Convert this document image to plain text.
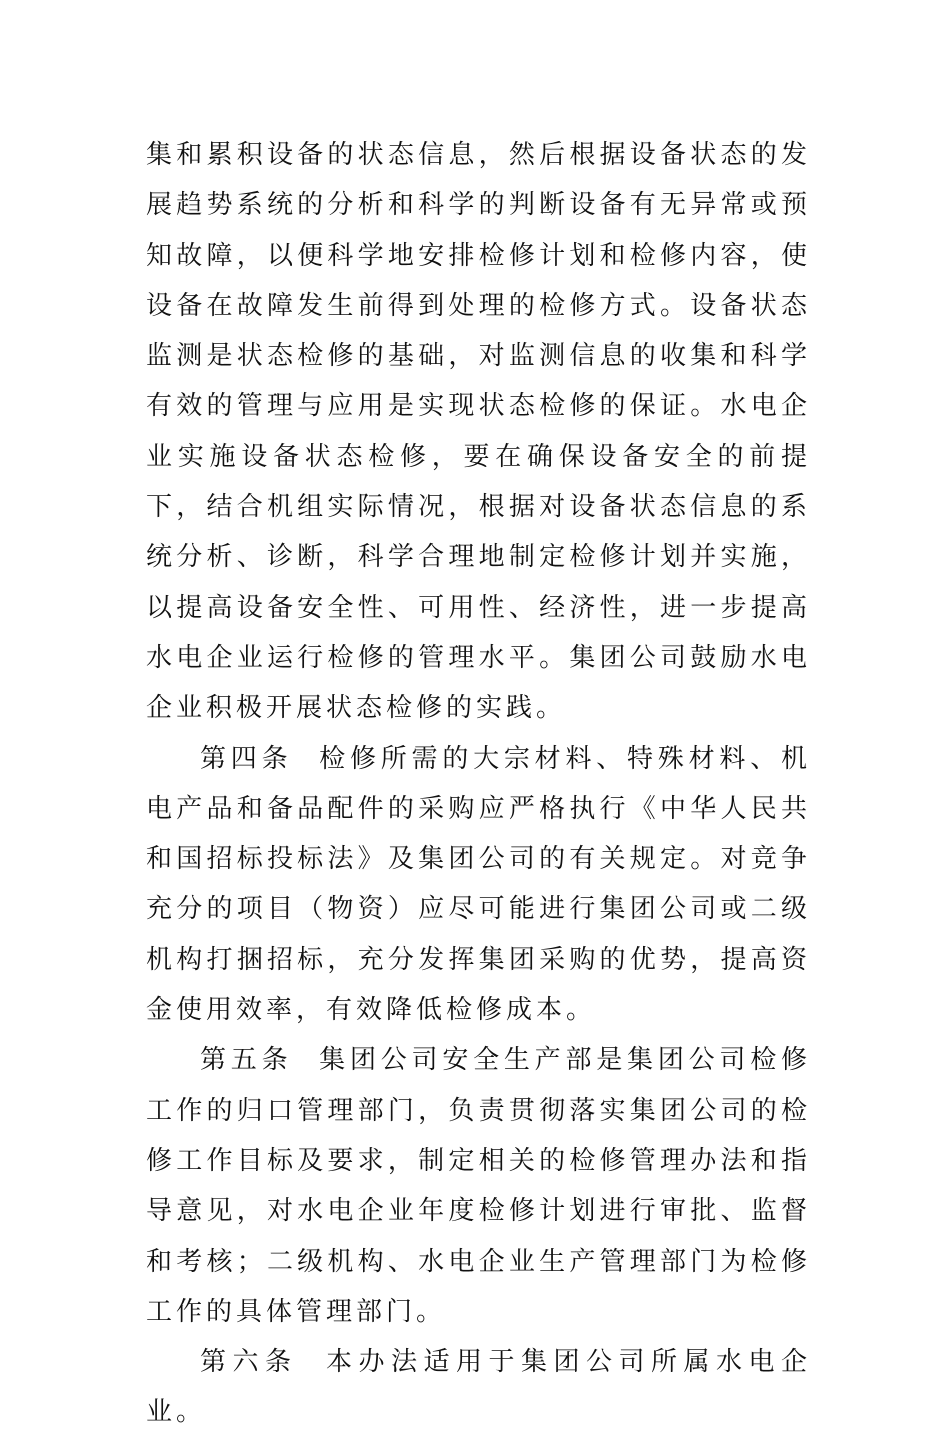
集和累积设备的状态信息，然后根据设备状态的发展趋势系统的分析和科学的判断设备有无异常或预知故障，以便科学地安排检修计划和检修内容，使设备在故障发生前得到处理的检修方式。设备状态监测是状态检修的基础，对监测信息的收集和科学有效的管理与应用是实现状态检修的保证。水电企业实施设备状态检修，要在确保设备安全的前提下，结合机组实际情况，根据对设备状态信息的系统分析、诊断，科学合理地制定检修计划并实施，以提高设备安全性、可用性、经济性，进一步提高水电企业运行检修的管理水平。集团公司鼓励水电企业积极开展状态检修的实践。

第四条 检修所需的大宗材料、特殊材料、机电产品和备品配件的采购应严格执行《中华人民共和国招标投标法》及集团公司的有关规定。对竞争充分的项目（物资）应尽可能进行集团公司或二级机构打捆招标，充分发挥集团采购的优势，提高资金使用效率，有效降低检修成本。

第五条 集团公司安全生产部是集团公司检修工作的归口管理部门，负责贯彻落实集团公司的检修工作目标及要求，制定相关的检修管理办法和指导意见，对水电企业年度检修计划进行审批、监督和考核；二级机构、水电企业生产管理部门为检修工作的具体管理部门。

第六条 本办法适用于集团公司所属水电企业。
